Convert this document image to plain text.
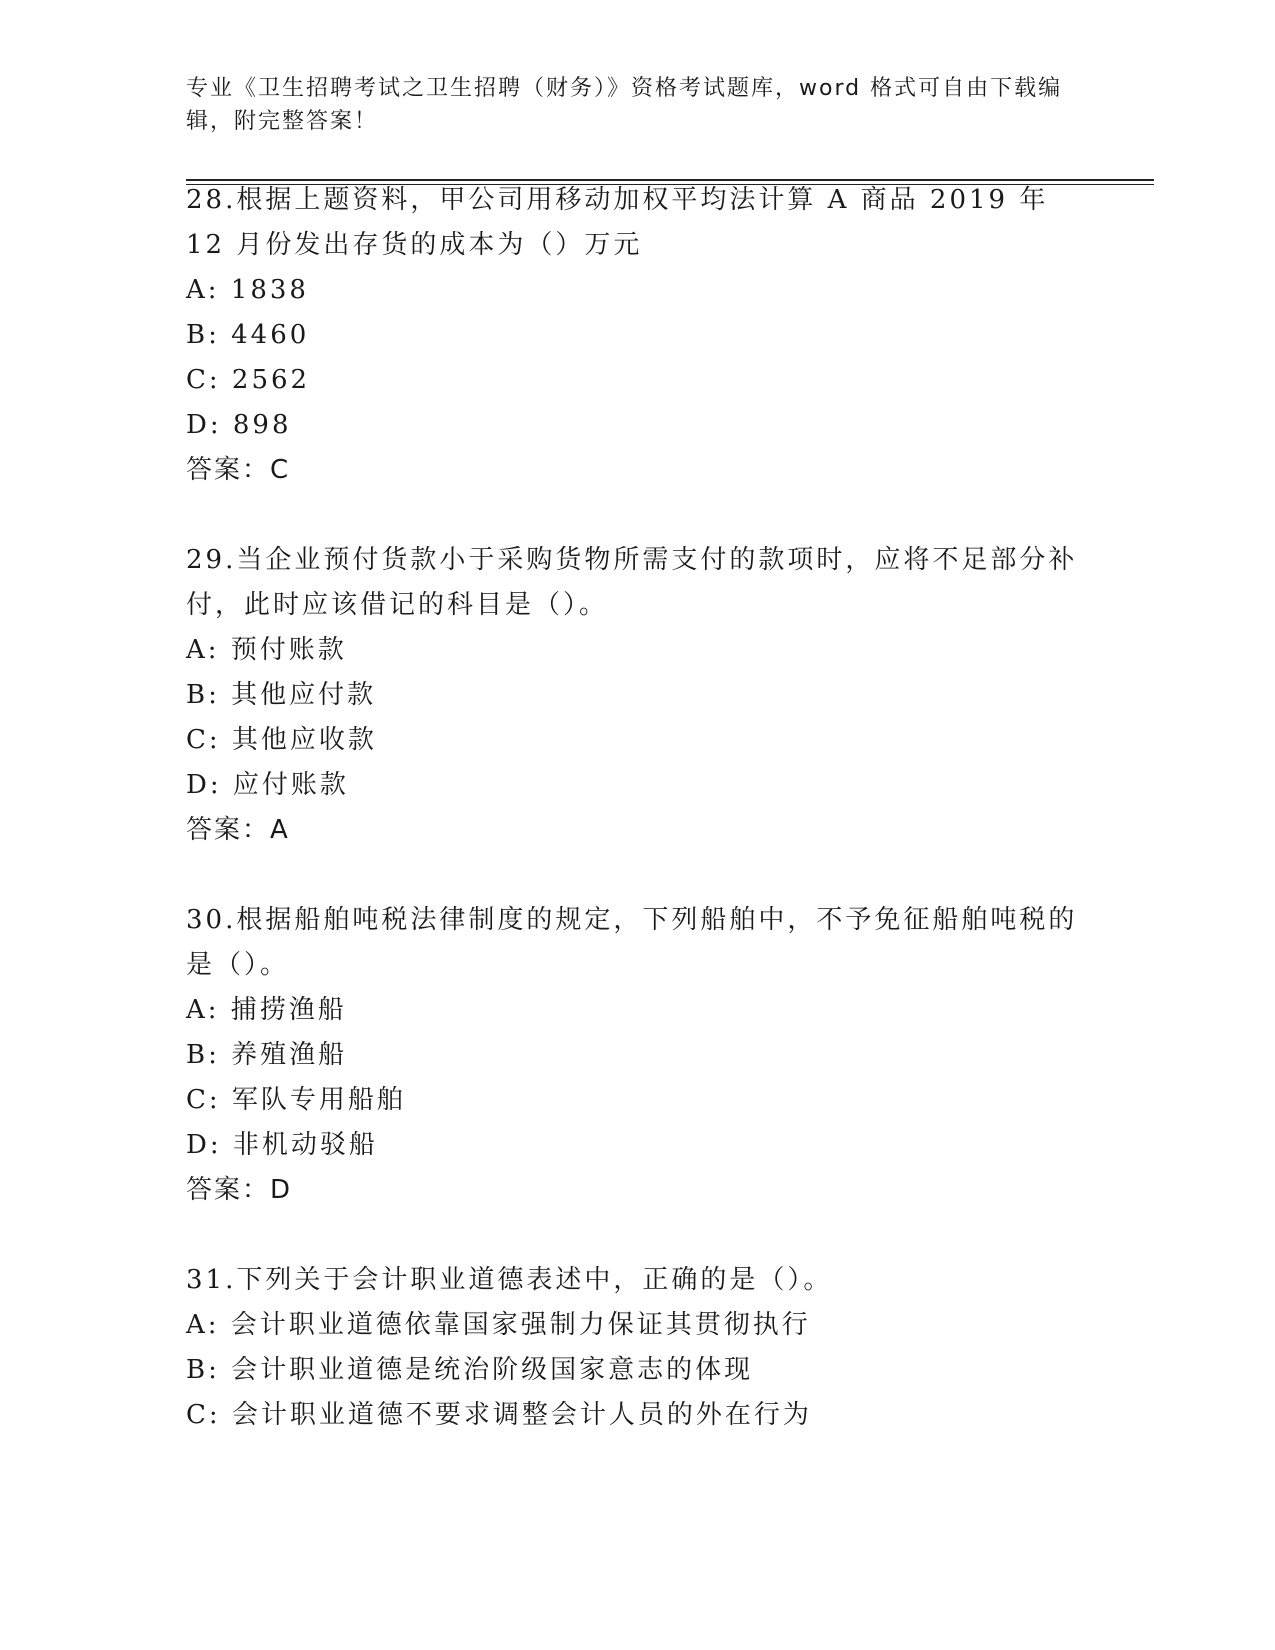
专业《卫生招聘考试之卫生招聘（财务）》资格考试题库，word 格式可自由下载编辑，附完整答案！

28.根据上题资料，甲公司用移动加权平均法计算 A 商品 2019 年 12 月份发出存货的成本为（）万元

A: 1838

B: 4460

C: 2562

D: 898

答案：C

29.当企业预付货款小于采购货物所需支付的款项时，应将不足部分补付，此时应该借记的科目是（）。

A: 预付账款

B: 其他应付款

C: 其他应收款

D: 应付账款

答案：A

30.根据船舶吨税法律制度的规定，下列船舶中，不予免征船舶吨税的是（）。

A: 捕捞渔船

B: 养殖渔船

C: 军队专用船舶

D: 非机动驳船

答案：D

31.下列关于会计职业道德表述中，正确的是（）。

A: 会计职业道德依靠国家强制力保证其贯彻执行

B: 会计职业道德是统治阶级国家意志的体现

C: 会计职业道德不要求调整会计人员的外在行为
